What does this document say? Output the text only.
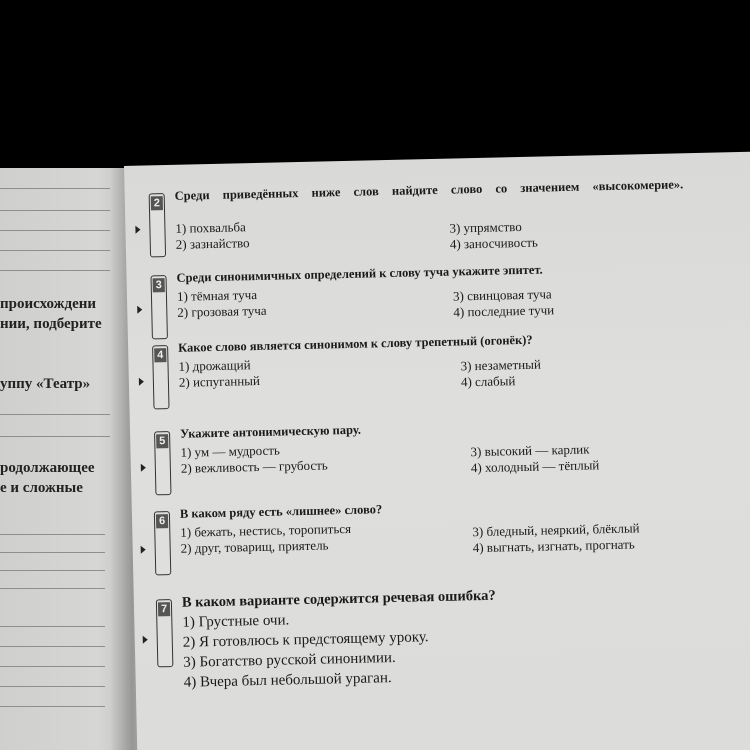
происхождени
нии, подберите
уппу «Театр»
родолжающее
е и сложные
2
Среди приведённых ниже слов найдите слово со значением «высокомерие».
1) похвальба
2) зазнайство
3) упрямство
4) заносчивость
3
Среди синонимичных определений к слову туча укажите эпитет.
1) тёмная туча
2) грозовая туча
3) свинцовая туча
4) последние тучи
4
Какое слово является синонимом к слову трепетный (огонёк)?
1) дрожащий
2) испуганный
3) незаметный
4) слабый
5
Укажите антонимическую пару.
1) ум — мудрость
2) вежливость — грубость
3) высокий — карлик
4) холодный — тёплый
6
В каком ряду есть «лишнее» слово?
1) бежать, нестись, торопиться
2) друг, товарищ, приятель
3) бледный, неяркий, блёклый
4) выгнать, изгнать, прогнать
7 В каком варианте содержится речевая ошибка?
1) Грустные очи.
2) Я готовлюсь к предстоящему уроку.
3) Богатство русской синонимии.
4) Вчера был небольшой ураган.
